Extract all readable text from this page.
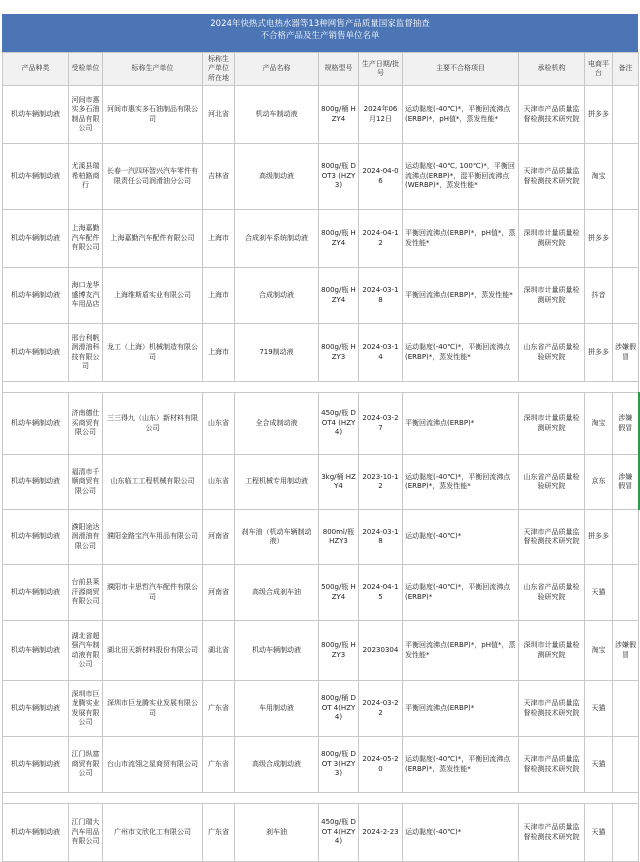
2024年快热式电热水器等13种网售产品质量国家监督抽查
不合格产品及生产销售单位名单
产品种类	受检单位	标称生产单位	标称生产单位所在地	产品名称	规格型号	生产日期/批号	主要不合格项目	承检机构	电商平台	备注
机动车辆制动液	河间市惠实多石油制品有限公司	河间市惠实多石油制品有限公司	河北省	机动车制动液	800g/桶 HZY4	2024年06月12日	运动黏度(-40℃)*，平衡回流沸点(ERBP)*，pH值*，蒸发性能*	天津市产品质量监督检测技术研究院	拼多多	
机动车辆制动液	尤溪县瑞希柏路商行	长春一汽四环智兴汽车零件有限责任公司润滑油分公司	吉林省	高级制动液	800g/瓶 DOT3 (HZY3)	2024-04-06	运动黏度(-40℃, 100℃)*，平衡回流沸点(ERBP)*，湿平衡回流沸点(WERBP)*，蒸发性能*	天津市产品质量监督检测技术研究院	淘宝	
机动车辆制动液	上海嘉勤汽车配件有限公司	上海嘉勤汽车配件有限公司	上海市	合成刹车系统制动液	800g/瓶 HZY4	2024-04-12	平衡回流沸点(ERBP)*，pH值*，蒸发性能*	深圳市计量质量检测研究院	拼多多	
机动车辆制动液	海口龙华盛博友汽车用品店	上海维斯盾实业有限公司	上海市	合成制动液	800g/瓶 HZY4	2024-03-18	平衡回流沸点(ERBP)*，蒸发性能*	深圳市计量质量检测研究院	抖音	
机动车辆制动液	邢台利帆润滑油科技有限公司	龙工（上海）机械制造有限公司	上海市	719制动液	800g/瓶 HZY3	2024-03-14	运动黏度(-40℃)*，平衡回流沸点(ERBP)*，蒸发性能*	山东省产品质量检验研究院	拼多多	涉嫌假冒

机动车辆制动液	济南德仕买商贸有限公司	三三得九（山东）新材料有限公司	山东省	全合成制动液	450g/瓶 DOT4 (HZY4)	2024-03-27	平衡回流沸点(ERBP)*	深圳市计量质量检测研究院	淘宝	涉嫌假冒
机动车辆制动液	福清市千顺商贸有限公司	山东临工工程机械有限公司	山东省	工程机械专用制动液	3kg/桶 HZY4	2023-10-12	运动黏度(-40℃)*，平衡回流沸点(ERBP)*，蒸发性能*	山东省产品质量检验研究院	京东	涉嫌假冒
机动车辆制动液	濮阳途达润滑油有限公司	濮阳金路宝汽车用品有限公司	河南省	刹车油（机动车辆制动液）	800ml/瓶 HZY3	2024-03-18	运动黏度(-40℃)*	天津市产品质量监督检测技术研究院	拼多多	
机动车辆制动液	台前县莱汗源商贸有限公司	濮阳市卡思哲汽车配件有限公司	河南省	高级合成刹车油	500g/瓶 HZY4	2024-04-15	运动黏度(-40℃)*，平衡回流沸点(ERBP)*	山东省产品质量检验研究院	天猫	
机动车辆制动液	湖北省超强汽车制动液有限公司	湖北田天新材料股份有限公司	湖北省	机动车辆制动液	800g/瓶 HZY3	20230304	平衡回流沸点(ERBP)*，pH值*，蒸发性能*	深圳市计量质量检测研究院	淘宝	涉嫌假冒
机动车辆制动液	深圳市巨龙腾实业发展有限公司	深圳市巨龙腾实业发展有限公司	广东省	车用制动液	800g/桶 DOT 4(HZY4)	2024-03-22	平衡回流沸点(ERBP)*	天津市产品质量监督检测技术研究院	天猫	
机动车辆制动液	江门纵富商贸有限公司	台山市流翎之星商贸有限公司	广东省	高级合成制动液	800g/瓶 DOT 3(HZY3)	2024-05-20	运动黏度(-40℃)*，平衡回流沸点(ERBP)*，蒸发性能*	天津市产品质量监督检测技术研究院	天猫	

机动车辆制动液	江门瑞大汽车用品有限公司	广州市文欣化工有限公司	广东省	刹车油	450g/瓶 DOT 4(HZY4)	2024-2-23	运动黏度(-40℃)*	天津市产品质量监督检测技术研究院	天猫	
